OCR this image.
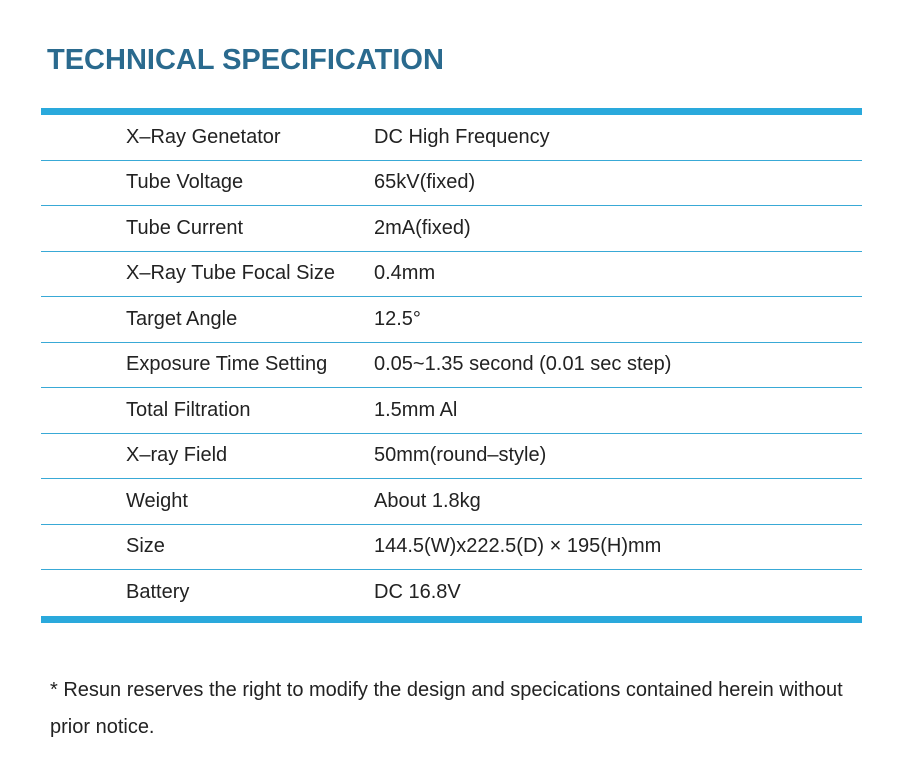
TECHNICAL SPECIFICATION
X–Ray Genetator	DC High Frequency
Tube Voltage	65kV(fixed)
Tube Current	2mA(fixed)
X–Ray Tube Focal Size	0.4mm
Target Angle	12.5°
Exposure Time Setting	0.05~1.35 second (0.01 sec step)
Total Filtration	1.5mm Al
X–ray Field	50mm(round–style)
Weight	About 1.8kg
Size	144.5(W)x222.5(D) × 195(H)mm
Battery	DC 16.8V

* Resun reserves the right to modify the design and specications contained herein without prior notice.
